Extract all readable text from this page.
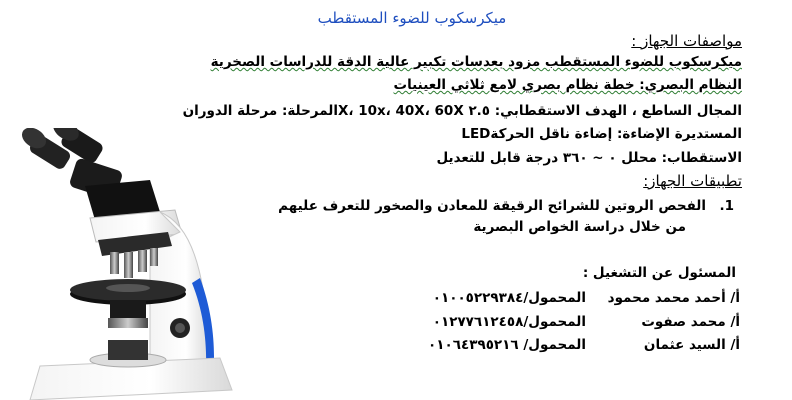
ميكرسكوب للضوء المستقطب
مواصفات الجهاز :
ميكرسكوب للضوء المستقطب مزود بعدسات تكبير عالية الدقة للدراسات الصخرية
النظام البصري: خطة نظام بصري لامع ثلاثي العينيات
المجال الساطع ، الهدف الاستقطابي: ٢.٥ X، 10x، 40X، 60Xالمرحلة: مرحلة الدوران
المستديرة الإضاءة: إضاءة ناقل الحركةLED
الاستقطاب: محلل ٠ ~ ٣٦٠ درجة قابل للتعديل
تطبيقات الجهاز:
.1
الفحص الروتين للشرائح الرقيقة للمعادن والصخور للتعرف عليهم
من خلال دراسة الخواص البصرية
المسئول عن التشغيل :
أ/ أحمد محمد محمود
المحمول/٠١٠٠٥٢٢٩٣٨٤
أ/ محمد صفوت
المحمول/٠١٢٧٧٦١٢٤٥٨
أ/ السيد عثمان
المحمول/ ٠١٠٦٤٣٩٥٢١٦
